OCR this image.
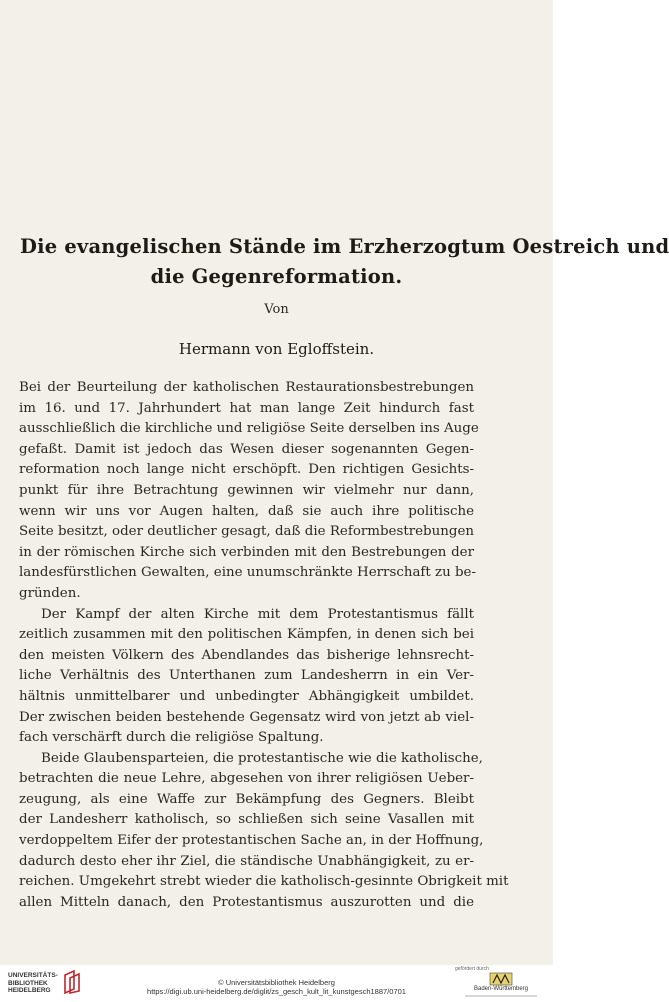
Die evangelischen Stände im Erzherzogtum Oestreich und
die Gegenreformation.
Von
Hermann von Egloffstein.
Bei der Beurteilung der katholischen Restaurationsbestrebungen
im 16. und 17. Jahrhundert hat man lange Zeit hindurch fast
ausschließlich die kirchliche und religiöse Seite derselben ins Auge
gefaßt. Damit ist jedoch das Wesen dieser sogenannten Gegen-
reformation noch lange nicht erschöpft. Den richtigen Gesichts-
punkt für ihre Betrachtung gewinnen wir vielmehr nur dann,
wenn wir uns vor Augen halten, daß sie auch ihre politische
Seite besitzt, oder deutlicher gesagt, daß die Reformbestrebungen
in der römischen Kirche sich verbinden mit den Bestrebungen der
landesfürstlichen Gewalten, eine unumschränkte Herrschaft zu be-
gründen.
Der Kampf der alten Kirche mit dem Protestantismus fällt
zeitlich zusammen mit den politischen Kämpfen, in denen sich bei
den meisten Völkern des Abendlandes das bisherige lehnsrecht-
liche Verhältnis des Unterthanen zum Landesherrn in ein Ver-
hältnis unmittelbarer und unbedingter Abhängigkeit umbildet.
Der zwischen beiden bestehende Gegensatz wird von jetzt ab viel-
fach verschärft durch die religiöse Spaltung.
Beide Glaubensparteien, die protestantische wie die katholische,
betrachten die neue Lehre, abgesehen von ihrer religiösen Ueber-
zeugung, als eine Waffe zur Bekämpfung des Gegners. Bleibt
der Landesherr katholisch, so schließen sich seine Vasallen mit
verdoppeltem Eifer der protestantischen Sache an, in der Hoffnung,
dadurch desto eher ihr Ziel, die ständische Unabhängigkeit, zu er-
reichen. Umgekehrt strebt wieder die katholisch-gesinnte Obrigkeit mit
allen Mitteln danach, den Protestantismus auszurotten und die
UNIVERSITÄTS-
BIBLIOTHEK
HEIDELBERG
© Universitätsbibliothek Heidelberg
https://digi.ub.uni-heidelberg.de/diglit/zs_gesch_kult_lit_kunstgesch1887/0701
gefördert durch
Baden-Württemberg
